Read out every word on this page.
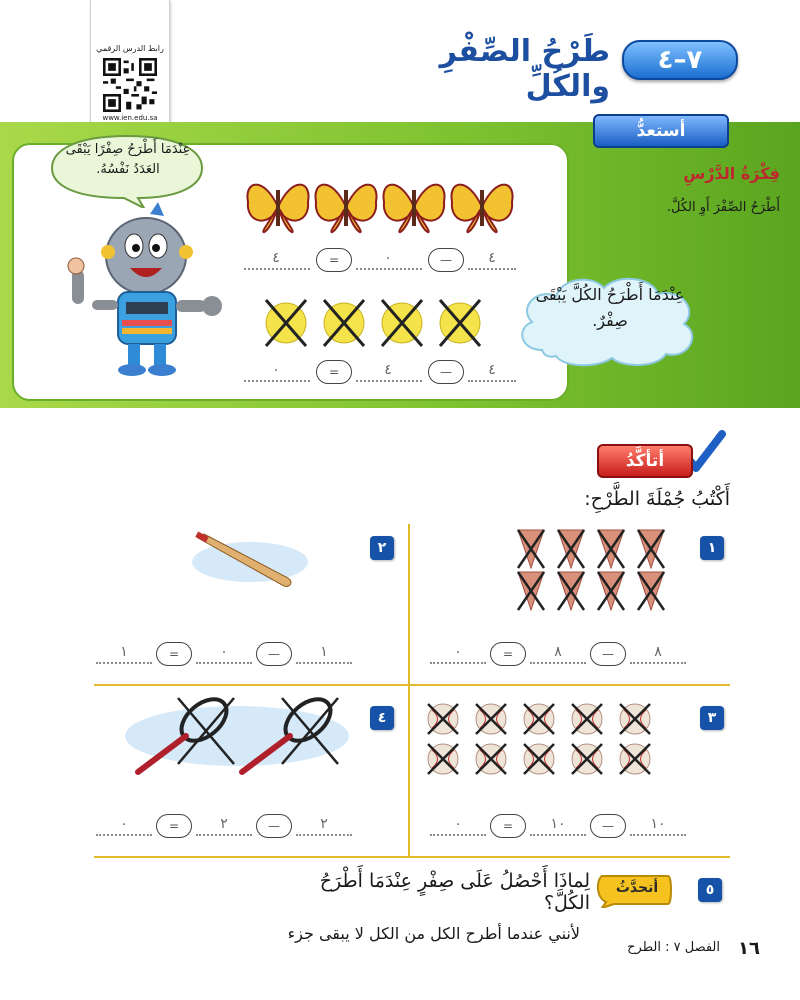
رابط الدرس الرقمي
www.ien.edu.sa
طَرْحُ الصِّفْرِ والكُلِّ
٧–٤
أستعدُّ
فِكْرَةُ الدَّرْسِ
أَطْرَحُ الصِّفْرَ أَوِ الكُلَّ.
عِنْدَمَا أَطْرَحُ الكُلَّ يَبْقَى صِفْرٌ.
عِنْدَمَا أَطْرَحُ صِفْرًا يَبْقَى العَدَدُ نَفْسُهُ.
٤	=	٠	—	٤
٠	=	٤	—	٤
أتأكَّدُ
أَكْتُبُ جُمْلَةَ الطَّرْحِ:
١
٠	=	٨	—	٨
٢
١	=	٠	—	١
٣
٠	=	١٠	—	١٠
٤
٠	=	٢	—	٢
٥
أتحدَّثُ
لِماذَا أَحْصُلُ عَلَى صِفْرٍ عِنْدَمَا أَطْرَحُ الكُلَّ؟
لأنني عندما أطرح الكل من الكل لا يبقى جزء
١٦
الفصل ٧ : الطرح
